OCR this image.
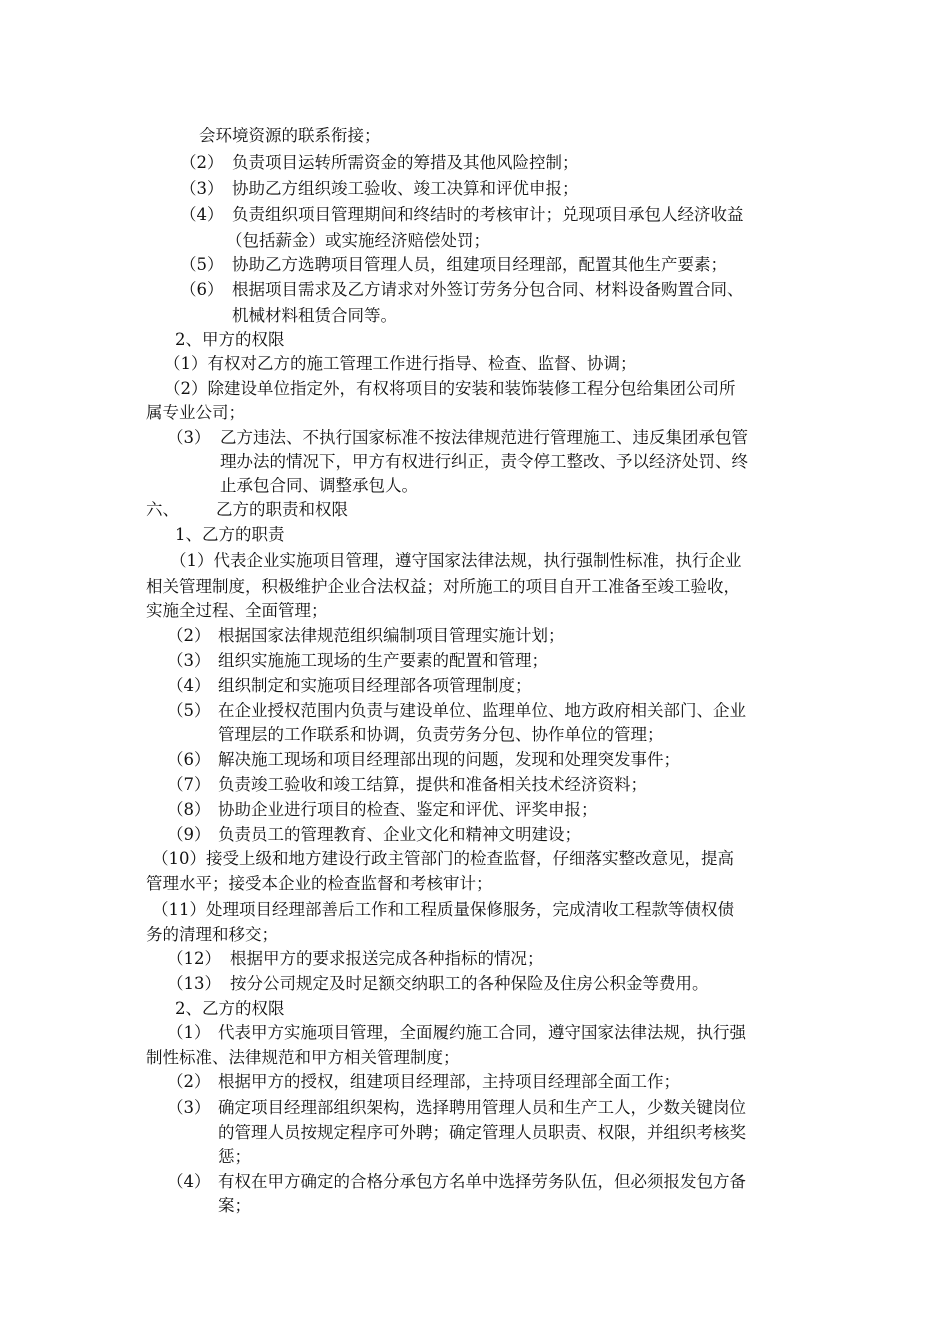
会环境资源的联系衔接；
（2） 负责项目运转所需资金的筹措及其他风险控制；
（3） 协助乙方组织竣工验收、竣工决算和评优申报；
（4） 负责组织项目管理期间和终结时的考核审计；兑现项目承包人经济收益
（包括薪金）或实施经济赔偿处罚；
（5） 协助乙方选聘项目管理人员，组建项目经理部，配置其他生产要素；
（6） 根据项目需求及乙方请求对外签订劳务分包合同、材料设备购置合同、
机械材料租赁合同等。
2、甲方的权限
（1）有权对乙方的施工管理工作进行指导、检查、监督、协调；
（2）除建设单位指定外，有权将项目的安装和装饰装修工程分包给集团公司所
属专业公司；
（3） 乙方违法、不执行国家标准不按法律规范进行管理施工、违反集团承包管
理办法的情况下，甲方有权进行纠正，责令停工整改、予以经济处罚、终
止承包合同、调整承包人。
六、 乙方的职责和权限
1、乙方的职责
（1）代表企业实施项目管理，遵守国家法律法规，执行强制性标准，执行企业
相关管理制度，积极维护企业合法权益；对所施工的项目自开工准备至竣工验收，
实施全过程、全面管理；
（2） 根据国家法律规范组织编制项目管理实施计划；
（3） 组织实施施工现场的生产要素的配置和管理；
（4） 组织制定和实施项目经理部各项管理制度；
（5） 在企业授权范围内负责与建设单位、监理单位、地方政府相关部门、企业
管理层的工作联系和协调，负责劳务分包、协作单位的管理；
（6） 解决施工现场和项目经理部出现的问题，发现和处理突发事件；
（7） 负责竣工验收和竣工结算，提供和准备相关技术经济资料；
（8） 协助企业进行项目的检查、鉴定和评优、评奖申报；
（9） 负责员工的管理教育、企业文化和精神文明建设；
（10）接受上级和地方建设行政主管部门的检查监督，仔细落实整改意见，提高
管理水平；接受本企业的检查监督和考核审计；
（11）处理项目经理部善后工作和工程质量保修服务，完成清收工程款等债权债
务的清理和移交；
（12） 根据甲方的要求报送完成各种指标的情况；
（13） 按分公司规定及时足额交纳职工的各种保险及住房公积金等费用。
2、乙方的权限
（1） 代表甲方实施项目管理，全面履约施工合同，遵守国家法律法规，执行强
制性标准、法律规范和甲方相关管理制度；
（2） 根据甲方的授权，组建项目经理部，主持项目经理部全面工作；
（3） 确定项目经理部组织架构，选择聘用管理人员和生产工人，少数关键岗位
的管理人员按规定程序可外聘；确定管理人员职责、权限，并组织考核奖
惩；
（4） 有权在甲方确定的合格分承包方名单中选择劳务队伍，但必须报发包方备
案；
